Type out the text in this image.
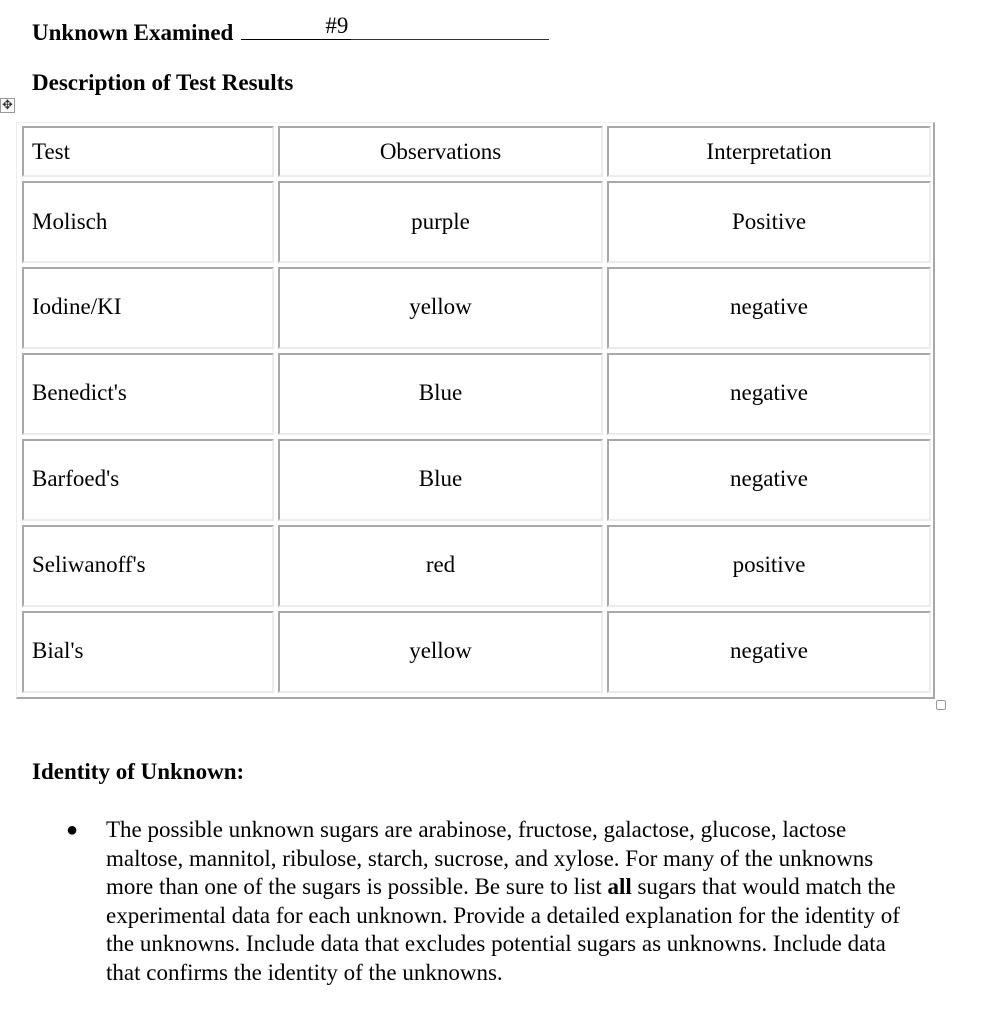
Unknown Examined	#9
Description of Test Results
✥
Test	Observations	Interpretation
Molisch	purple	Positive
Iodine/KI	yellow	negative
Benedict's	Blue	negative
Barfoed's	Blue	negative
Seliwanoff's	red	positive
Bial's	yellow	negative
Identity of Unknown:
● The possible unknown sugars are arabinose, fructose, galactose, glucose, lactose maltose, mannitol, ribulose, starch, sucrose, and xylose. For many of the unknowns more than one of the sugars is possible. Be sure to list all sugars that would match the experimental data for each unknown. Provide a detailed explanation for the identity of the unknowns. Include data that excludes potential sugars as unknowns. Include data that confirms the identity of the unknowns.
